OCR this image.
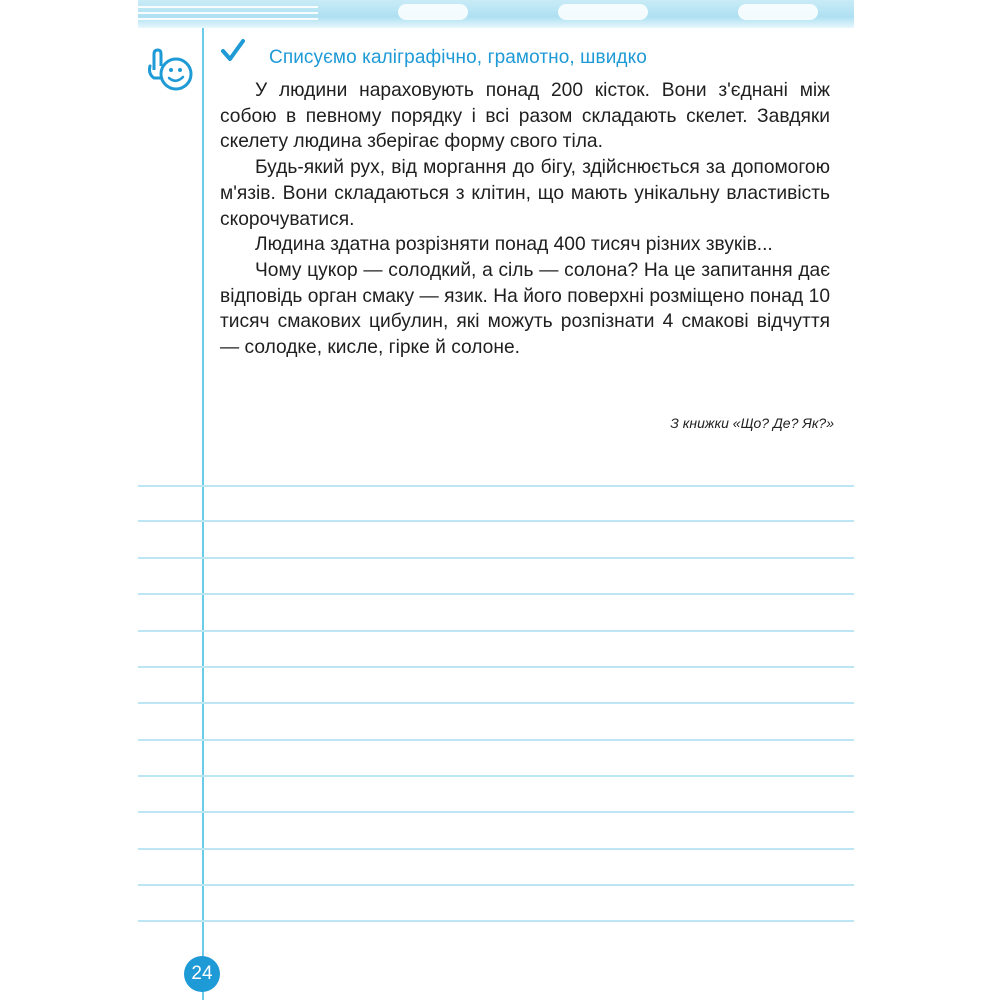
Списуємо каліграфічно, грамотно, швидко

У людини нараховують понад 200 кісток. Вони з'єднані між собою в певному порядку і всі разом складають скелет. Завдяки скелету людина зберігає форму свого тіла.

Будь-який рух, від моргання до бігу, здійснюється за допомогою м'язів. Вони складаються з клітин, що мають унікальну властивість скорочуватися.

Людина здатна розрізняти понад 400 тисяч різних звуків...

Чому цукор — солодкий, а сіль — солона? На це запитання дає відповідь орган смаку — язик. На його поверхні розміщено понад 10 тисяч смакових цибулин, які можуть розпізнати 4 смакові відчуття — солодке, кисле, гірке й солоне.

З книжки «Що? Де? Як?»
24
